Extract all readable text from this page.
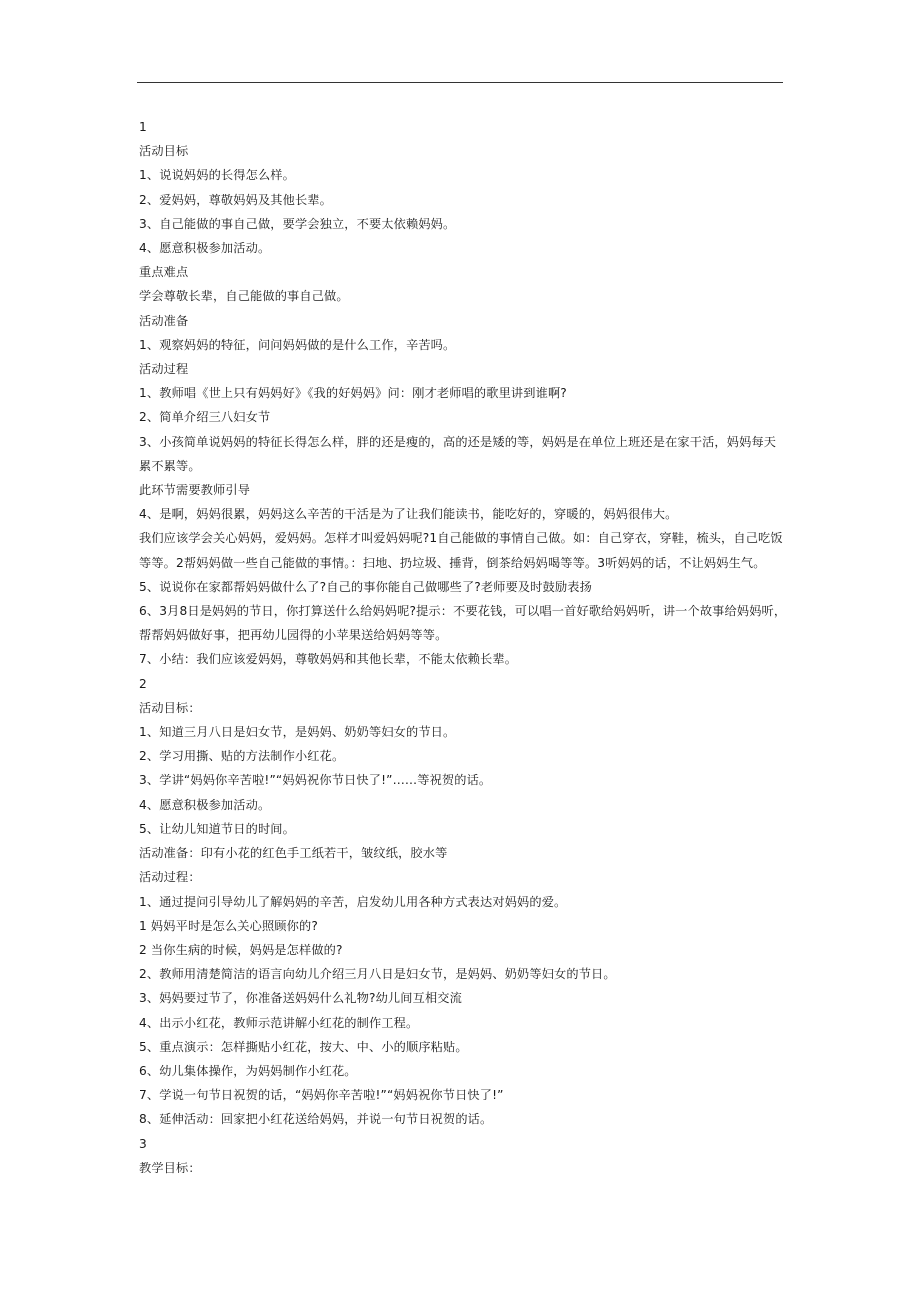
1
活动目标
1、说说妈妈的长得怎么样。
2、爱妈妈，尊敬妈妈及其他长辈。
3、自己能做的事自己做，要学会独立，不要太依赖妈妈。
4、愿意积极参加活动。
重点难点
学会尊敬长辈，自己能做的事自己做。
活动准备
1、观察妈妈的特征，问问妈妈做的是什么工作，辛苦吗。
活动过程
1、教师唱《世上只有妈妈好》《我的好妈妈》问：刚才老师唱的歌里讲到谁啊?
2、简单介绍三八妇女节
3、小孩简单说妈妈的特征长得怎么样，胖的还是瘦的，高的还是矮的等，妈妈是在单位上班还是在家干活，妈妈每天
累不累等。
此环节需要教师引导
4、是啊，妈妈很累，妈妈这么辛苦的干活是为了让我们能读书，能吃好的，穿暖的，妈妈很伟大。
我们应该学会关心妈妈，爱妈妈。怎样才叫爱妈妈呢?1自己能做的事情自己做。如：自己穿衣，穿鞋，梳头，自己吃饭
等等。2帮妈妈做一些自己能做的事情。：扫地、扔垃圾、捶背，倒茶给妈妈喝等等。3听妈妈的话，不让妈妈生气。
5、说说你在家都帮妈妈做什么了?自己的事你能自己做哪些了?老师要及时鼓励表扬
6、3月8日是妈妈的节日，你打算送什么给妈妈呢?提示：不要花钱，可以唱一首好歌给妈妈听，讲一个故事给妈妈听，
帮帮妈妈做好事，把再幼儿园得的小苹果送给妈妈等等。
7、小结：我们应该爱妈妈，尊敬妈妈和其他长辈，不能太依赖长辈。
2
活动目标：
1、知道三月八日是妇女节，是妈妈、奶奶等妇女的节日。
2、学习用撕、贴的方法制作小红花。
3、学讲“妈妈你辛苦啦!”“妈妈祝你节日快了!”……等祝贺的话。
4、愿意积极参加活动。
5、让幼儿知道节日的时间。
活动准备：印有小花的红色手工纸若干，皱纹纸，胶水等
活动过程：
1、通过提问引导幼儿了解妈妈的辛苦，启发幼儿用各种方式表达对妈妈的爱。
1 妈妈平时是怎么关心照顾你的?
2 当你生病的时候，妈妈是怎样做的?
2、教师用清楚简洁的语言向幼儿介绍三月八日是妇女节，是妈妈、奶奶等妇女的节日。
3、妈妈要过节了，你准备送妈妈什么礼物?幼儿间互相交流
4、出示小红花，教师示范讲解小红花的制作工程。
5、重点演示：怎样撕贴小红花，按大、中、小的顺序粘贴。
6、幼儿集体操作，为妈妈制作小红花。
7、学说一句节日祝贺的话，“妈妈你辛苦啦!”“妈妈祝你节日快了!”
8、延伸活动：回家把小红花送给妈妈，并说一句节日祝贺的话。
3
教学目标：
